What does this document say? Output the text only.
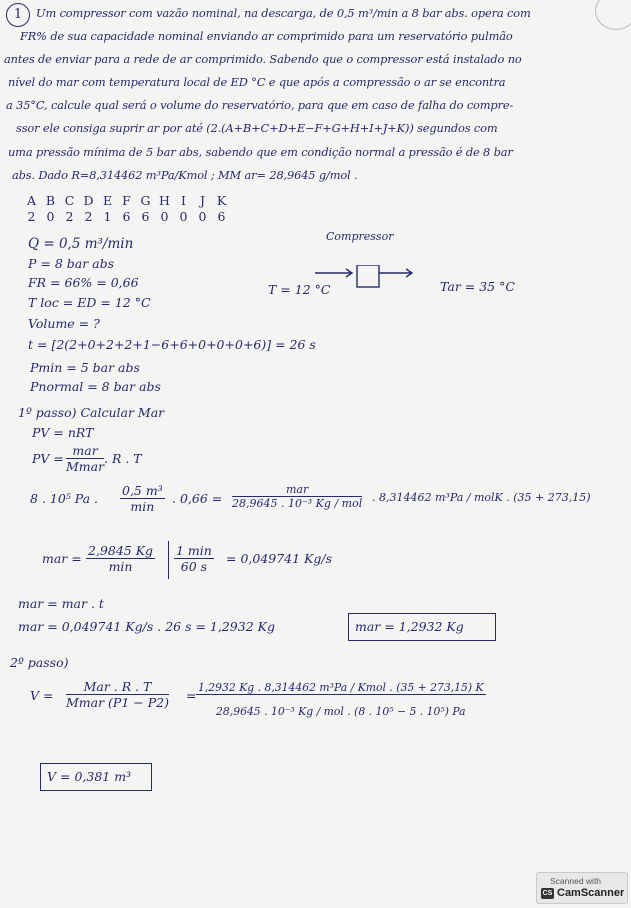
1	Um compressor com vazão nominal, na descarga, de 0,5 m³/min a 8 bar abs. opera com
FR% de sua capacidade nominal enviando ar comprimido para um reservatório pulmão
antes de enviar para a rede de ar comprimido. Sabendo que o compressor está instalado no
nível do mar com temperatura local de ED °C e que após a compressão o ar se encontra
a 35°C, calcule qual será o volume do reservatório, para que em caso de falha do compre-
ssor ele consiga suprir ar por até (2.(A+B+C+D+E−F+G+H+I+J+K)) segundos com
uma pressão mínima de 5 bar abs, sabendo que em condição normal a pressão é de 8 bar
abs. Dado R=8,314462 m³Pa/Kmol ; MM ar= 28,9645 g/mol .
A B C D E F G H I J K
2 0 2 2 1 6 6 0 0 0 6
Q = 0,5 m³/min
P = 8 bar abs
FR = 66% = 0,66
T loc = ED = 12 °C
Volume = ?
t = [2(2+0+2+2+1−6+6+0+0+0+6)] = 26 s
Pmin = 5 bar abs
Pnormal = 8 bar abs
Compressor
T = 12 °C	Tar = 35 °C
1º passo) Calcular Mar
PV = nRT
PV =
mar
Mmar
. R . T
8 . 10⁵ Pa .
0,5 m³
min
. 0,66 =
mar
28,9645 . 10⁻³ Kg / mol . 8,314462 m³Pa / molK . (35 + 273,15)
mar =
2,9845 Kg
min
1 min
60 s
= 0,049741 Kg/s
mar = mar . t
mar = 0,049741 Kg/s . 26 s = 1,2932 Kg	mar = 1,2932 Kg
2º passo)
V =
Mar . R . T
Mmar (P1 − P2) =
1,2932 Kg . 8,314462 m³Pa / Kmol . (35 + 273,15) K
28,9645 . 10⁻³ Kg / mol . (8 . 10⁵ − 5 . 10⁵) Pa
V = 0,381 m³
Scanned with
CS CamScanner
